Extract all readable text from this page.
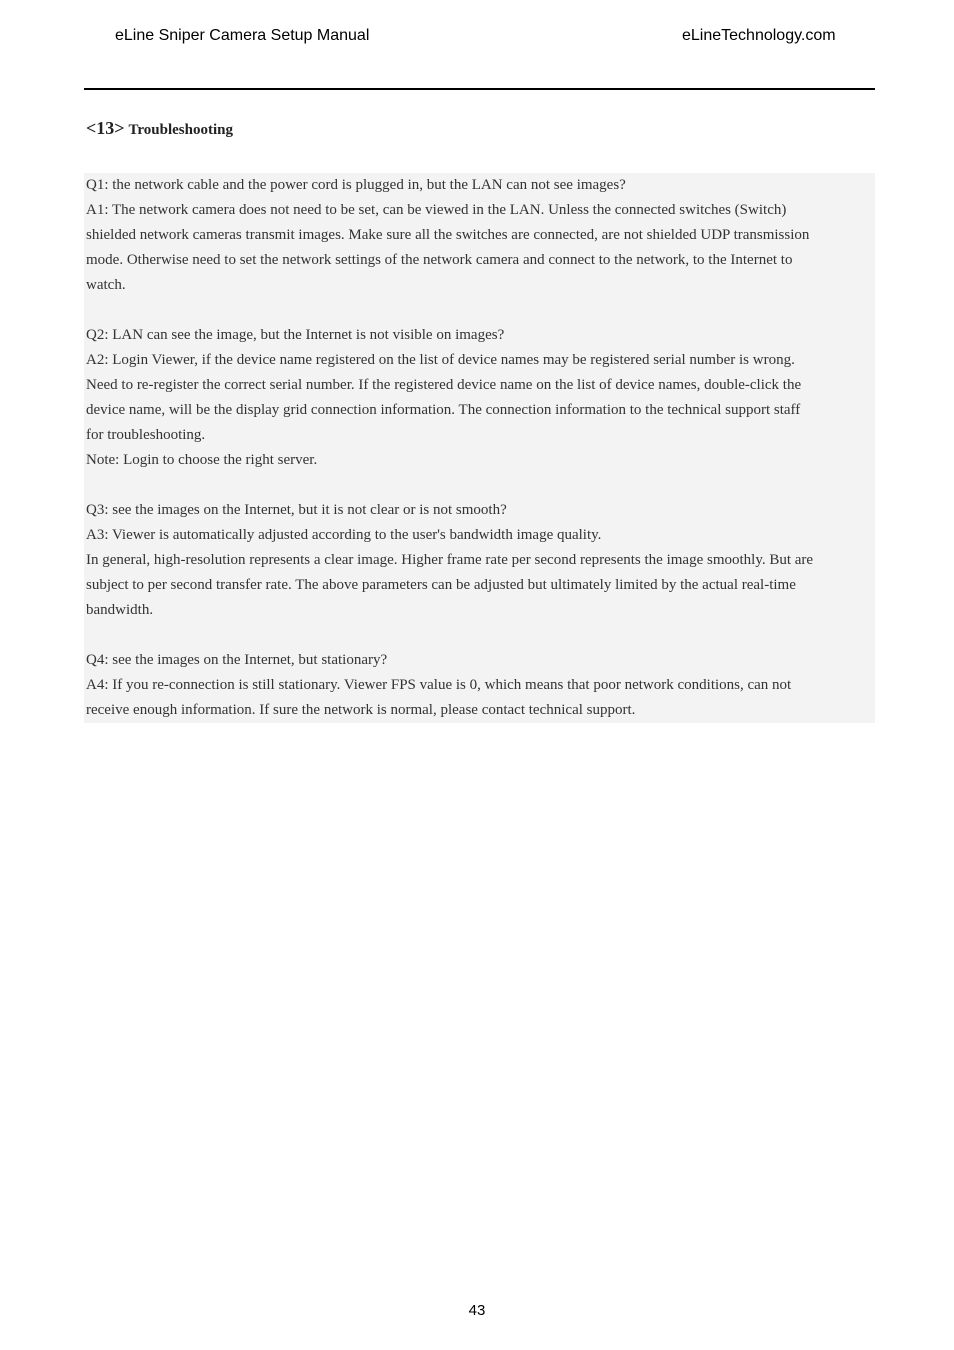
eLine Sniper Camera Setup Manual	eLineTechnology.com
<13> Troubleshooting
Q1: the network cable and the power cord is plugged in, but the LAN can not see images?
A1: The network camera does not need to be set, can be viewed in the LAN. Unless the connected switches (Switch)
shielded network cameras transmit images. Make sure all the switches are connected, are not shielded UDP transmission
mode. Otherwise need to set the network settings of the network camera and connect to the network, to the Internet to
watch.
Q2: LAN can see the image, but the Internet is not visible on images?
A2: Login Viewer, if the device name registered on the list of device names may be registered serial number is wrong.
Need to re-register the correct serial number. If the registered device name on the list of device names, double-click the
device name, will be the display grid connection information. The connection information to the technical support staff
for troubleshooting.
Note: Login to choose the right server.
Q3: see the images on the Internet, but it is not clear or is not smooth?
A3: Viewer is automatically adjusted according to the user's bandwidth image quality.
In general, high-resolution represents a clear image. Higher frame rate per second represents the image smoothly. But are
subject to per second transfer rate. The above parameters can be adjusted but ultimately limited by the actual real-time
bandwidth.
Q4: see the images on the Internet, but stationary?
A4: If you re-connection is still stationary. Viewer FPS value is 0, which means that poor network conditions, can not
receive enough information. If sure the network is normal, please contact technical support.
43
